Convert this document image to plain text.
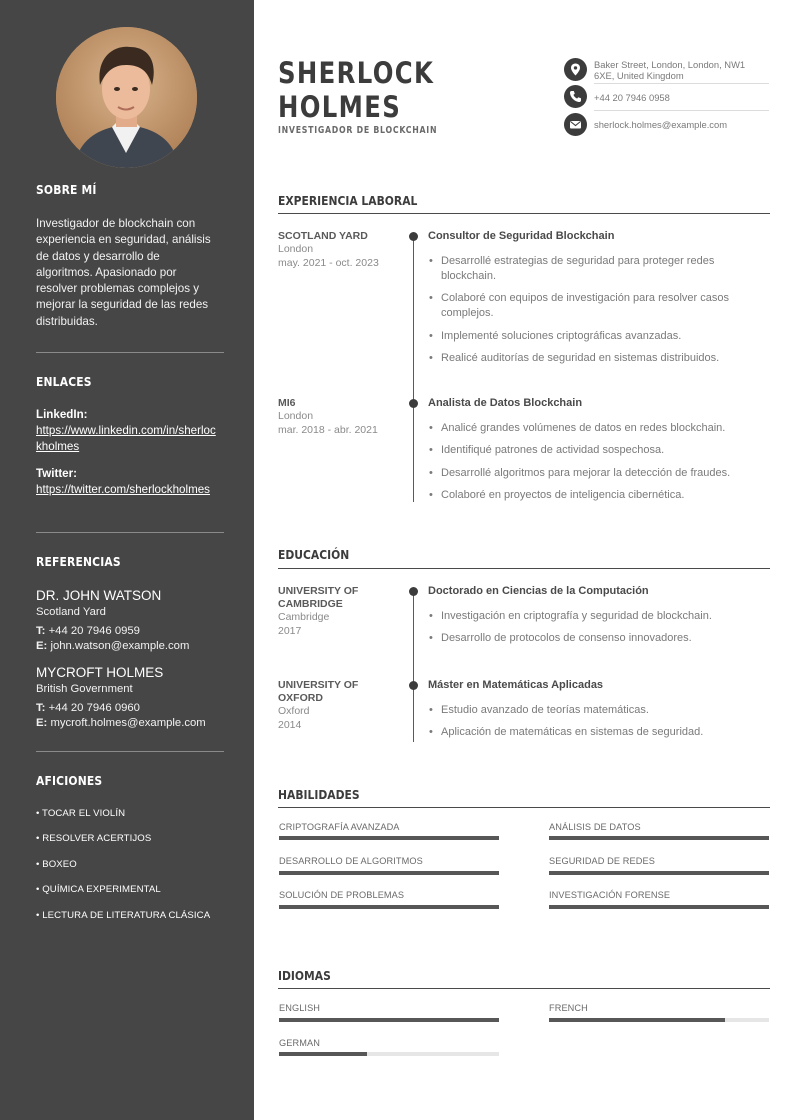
SOBRE MÍ
Investigador de blockchain con experiencia en seguridad, análisis de datos y desarrollo de algoritmos. Apasionado por resolver problemas complejos y mejorar la seguridad de las redes distribuidas.
ENLACES
LinkedIn:
https://www.linkedin.com/in/sherlockholmes
Twitter:
https://twitter.com/sherlockholmes
REFERENCIAS
DR. JOHN WATSON
Scotland Yard
T: +44 20 7946 0959
E: john.watson@example.com
MYCROFT HOLMES
British Government
T: +44 20 7946 0960
E: mycroft.holmes@example.com
AFICIONES
• TOCAR EL VIOLÍN
• RESOLVER ACERTIJOS
• BOXEO
• QUÍMICA EXPERIMENTAL
• LECTURA DE LITERATURA CLÁSICA
SHERLOCK
HOLMES
INVESTIGADOR DE BLOCKCHAIN
Baker Street, London, London, NW1 6XE, United Kingdom
+44 20 7946 0958
sherlock.holmes@example.com
EXPERIENCIA LABORAL
SCOTLAND YARD
London
may. 2021 - oct. 2023
Consultor de Seguridad Blockchain
• Desarrollé estrategias de seguridad para proteger redes blockchain.
• Colaboré con equipos de investigación para resolver casos complejos.
• Implementé soluciones criptográficas avanzadas.
• Realicé auditorías de seguridad en sistemas distribuidos.
MI6
London
mar. 2018 - abr. 2021
Analista de Datos Blockchain
• Analicé grandes volúmenes de datos en redes blockchain.
• Identifiqué patrones de actividad sospechosa.
• Desarrollé algoritmos para mejorar la detección de fraudes.
• Colaboré en proyectos de inteligencia cibernética.
EDUCACIÓN
UNIVERSITY OF CAMBRIDGE
Cambridge
2017
Doctorado en Ciencias de la Computación
• Investigación en criptografía y seguridad de blockchain.
• Desarrollo de protocolos de consenso innovadores.
UNIVERSITY OF OXFORD
Oxford
2014
Máster en Matemáticas Aplicadas
• Estudio avanzado de teorías matemáticas.
• Aplicación de matemáticas en sistemas de seguridad.
HABILIDADES
CRIPTOGRAFÍA AVANZADA	ANÁLISIS DE DATOS
DESARROLLO DE ALGORITMOS	SEGURIDAD DE REDES
SOLUCIÓN DE PROBLEMAS	INVESTIGACIÓN FORENSE
IDIOMAS
ENGLISH	FRENCH
GERMAN
